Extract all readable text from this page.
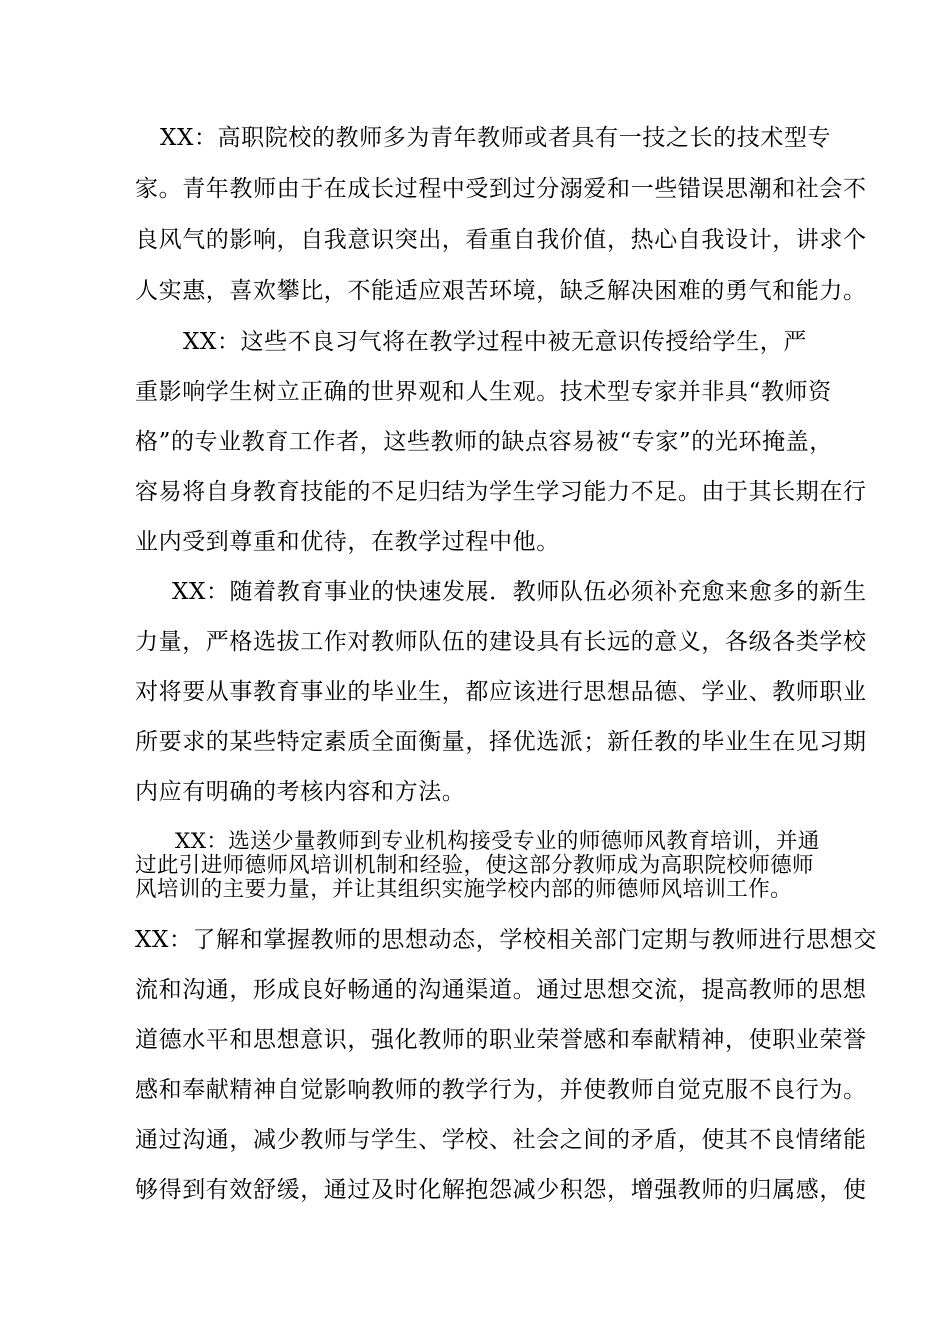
XX：高职院校的教师多为青年教师或者具有一技之长的技术型专
家。青年教师由于在成长过程中受到过分溺爱和一些错误思潮和社会不
良风气的影响，自我意识突出，看重自我价值，热心自我设计，讲求个
人实惠，喜欢攀比，不能适应艰苦环境，缺乏解决困难的勇气和能力。
XX：这些不良习气将在教学过程中被无意识传授给学生，严
重影响学生树立正确的世界观和人生观。技术型专家并非具“教师资
格”的专业教育工作者，这些教师的缺点容易被“专家”的光环掩盖，
容易将自身教育技能的不足归结为学生学习能力不足。由于其长期在行
业内受到尊重和优待，在教学过程中他。
XX：随着教育事业的快速发展．教师队伍必须补充愈来愈多的新生
力量，严格选拔工作对教师队伍的建设具有长远的意义，各级各类学校
对将要从事教育事业的毕业生，都应该进行思想品德、学业、教师职业
所要求的某些特定素质全面衡量，择优选派；新任教的毕业生在见习期
内应有明确的考核内容和方法。
XX：选送少量教师到专业机构接受专业的师德师风教育培训，并通
过此引进师德师风培训机制和经验，使这部分教师成为高职院校师德师
风培训的主要力量，并让其组织实施学校内部的师德师风培训工作。
XX：了解和掌握教师的思想动态，学校相关部门定期与教师进行思想交
流和沟通，形成良好畅通的沟通渠道。通过思想交流，提高教师的思想
道德水平和思想意识，强化教师的职业荣誉感和奉献精神，使职业荣誉
感和奉献精神自觉影响教师的教学行为，并使教师自觉克服不良行为。
通过沟通，减少教师与学生、学校、社会之间的矛盾，使其不良情绪能
够得到有效舒缓，通过及时化解抱怨减少积怨，增强教师的归属感，使
